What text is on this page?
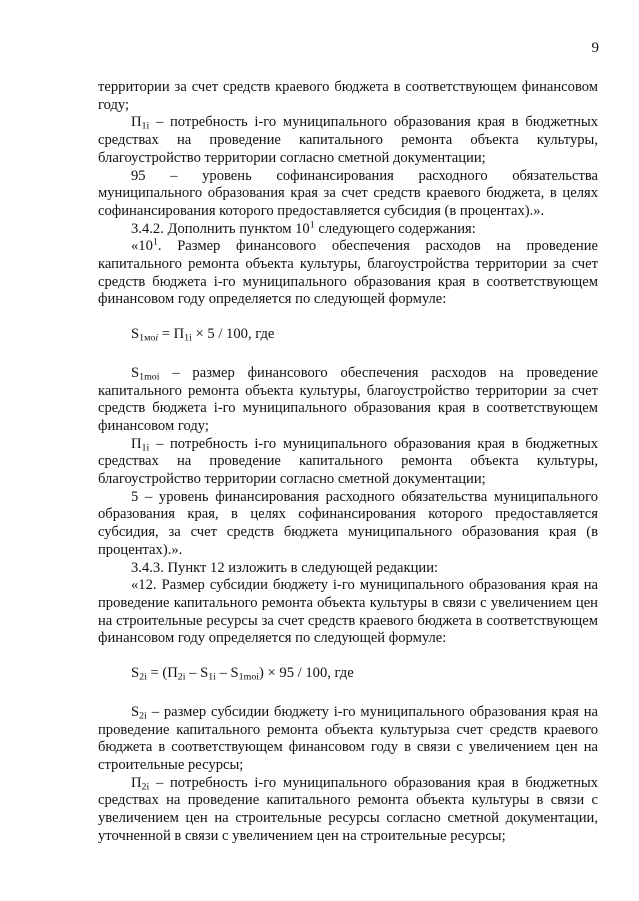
9

территории за счет средств краевого бюджета в соответствующем финансовом году;

$П_{1i}$ – потребность i-го муниципального образования края в бюджетных средствах на проведение капитального ремонта объекта культуры, благоустройство территории согласно сметной документации;

95 – уровень софинансирования расходного обязательства муниципального образования края за счет средств краевого бюджета, в целях софинансирования которого предоставляется субсидия (в процентах).».

3.4.2. Дополнить пунктом $10^1$ следующего содержания:

«$10^1$. Размер финансового обеспечения расходов на проведение капитального ремонта объекта культуры, благоустройства территории за счет средств бюджета i-го муниципального образования края в соответствующем финансовом году определяется по следующей формуле:

$S_{1моi} = П_{1i} \times 5 / 100$, где

$S_{1moi}$ – размер финансового обеспечения расходов на проведение капитального ремонта объекта культуры, благоустройство территории за счет средств бюджета i-го муниципального образования края в соответствующем финансовом году;

$П_{1i}$ – потребность i-го муниципального образования края в бюджетных средствах на проведение капитального ремонта объекта культуры, благоустройство территории согласно сметной документации;

5 – уровень финансирования расходного обязательства муниципального образования края, в целях софинансирования которого предоставляется субсидия, за счет средств бюджета муниципального образования края (в процентах).».

3.4.3. Пункт 12 изложить в следующей редакции:

«12. Размер субсидии бюджету i-го муниципального образования края на проведение капитального ремонта объекта культуры в связи с увеличением цен на строительные ресурсы за счет средств краевого бюджета в соответствующем финансовом году определяется по следующей формуле:

$S_{2i} = (П_{2i} - S_{1i} - S_{1moi}) \times 95 / 100$, где

$S_{2i}$ – размер субсидии бюджету i-го муниципального образования края на проведение капитального ремонта объекта культурыза счет средств краевого бюджета в соответствующем финансовом году в связи с увеличением цен на строительные ресурсы;

$П_{2i}$ – потребность i-го муниципального образования края в бюджетных средствах на проведение капитального ремонта объекта культуры в связи с увеличением цен на строительные ресурсы согласно сметной документации, уточненной в связи с увеличением цен на строительные ресурсы;
